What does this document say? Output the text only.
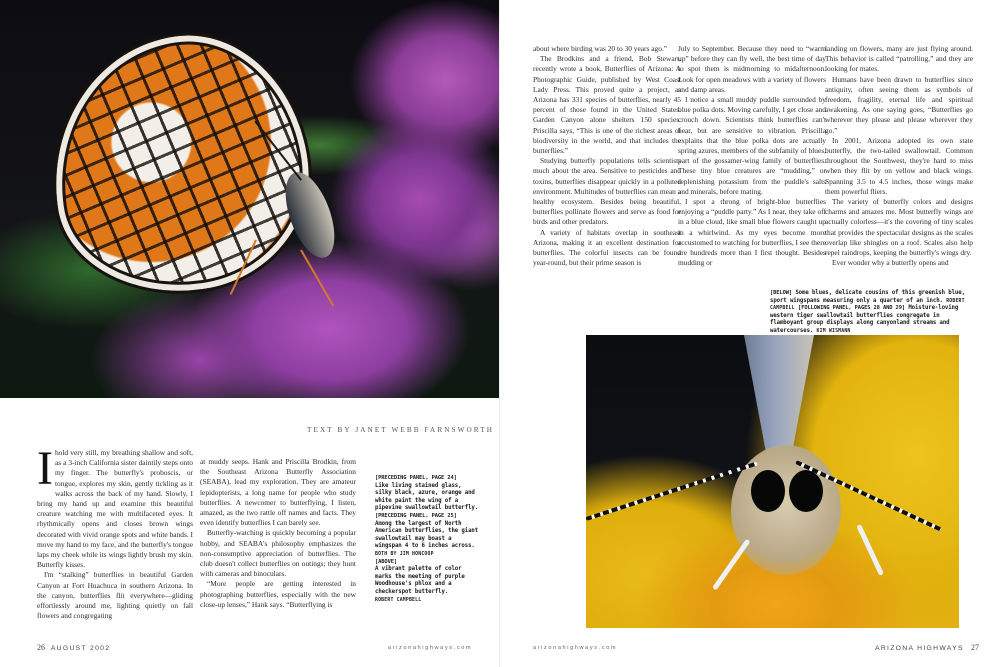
TEXT BY JANET WEBB FARNSWORTH

Ihold very still, my breathing shallow and soft, as a 3-inch California sister daintily steps onto my finger. The butterfly's proboscis, or tongue, explores my skin, gently tickling as it walks across the back of my hand. Slowly, I bring my hand up and examine this beautiful creature watching me with multifaceted eyes. It rhythmically opens and closes brown wings decorated with vivid orange spots and white bands. I move my hand to my face, and the butterfly's tongue laps my cheek while its wings lightly brush my skin. Butterfly kisses.

I'm “stalking” butterflies in beautiful Garden Canyon at Fort Huachuca in southern Arizona. In the canyon, butterflies flit everywhere—gliding effortlessly around me, lighting quietly on fall flowers and congregating

at muddy seeps. Hank and Priscilla Brodkin, from the Southeast Arizona Butterfly Association (SEABA), lead my exploration. They are amateur lepidopterists, a long name for people who study butterflies. A newcomer to butterflying, I listen, amazed, as the two rattle off names and facts. They even identify butterflies I can barely see.

Butterfly-watching is quickly becoming a popular hobby, and SEABA's philosophy emphasizes the non-consumptive appreciation of butterflies. The club doesn't collect butterflies on outings; they hunt with cameras and binoculars.

“More people are getting interested in photographing butterflies, especially with the new close-up lenses,” Hank says. “Butterflying is

[PRECEDING PANEL, PAGE 24]
Like living stained glass, silky black, azure, orange and white paint the wing of a pipevine swallowtail butterfly.
[PRECEDING PANEL, PAGE 25]
Among the largest of North American butterflies, the giant swallowtail may boast a wingspan 4 to 6 inches across.
BOTH BY JIM HONCOOP
[ABOVE]
A vibrant palette of color marks the meeting of purple Woodhouse's phlox and a checkerspot butterfly.
ROBERT CAMPBELL
26 AUGUST 2002	arizonahighways.com

about where birding was 20 to 30 years ago.”

The Brodkins and a friend, Bob Stewart, recently wrote a book, Butterflies of Arizona: A Photographic Guide, published by West Coast Lady Press. This proved quite a project, as Arizona has 331 species of butterflies, nearly 45 percent of those found in the United States. Garden Canyon alone shelters 150 species. Priscilla says, “This is one of the richest areas of biodiversity in the world, and that includes the butterflies.”

Studying butterfly populations tells scientists much about the area. Sensitive to pesticides and toxins, butterflies disappear quickly in a polluted environment. Multitudes of butterflies can mean a healthy ecosystem. Besides being beautiful, butterflies pollinate flowers and serve as food for birds and other predators.

A variety of habitats overlap in southeast Arizona, making it an excellent destination for butterflies. The colorful insects can be found year-round, but their prime season is

July to September. Because they need to “warm up” before they can fly well, the best time of day to spot them is midmorning to midafternoon. Look for open meadows with a variety of flowers and damp areas.

I notice a small muddy puddle surrounded by blue polka dots. Moving carefully, I get close and crouch down. Scientists think butterflies can't hear, but are sensitive to vibration. Priscilla explains that the blue polka dots are actually spring azures, members of the subfamily of blues, part of the gossamer-wing family of butterflies. These tiny blue creatures are “mudding,” or replenishing potassium from the puddle's salts and minerals, before mating.

I spot a throng of bright-blue butterflies enjoying a “puddle party.” As I near, they take off in a blue cloud, like small blue flowers caught up in a whirlwind. As my eyes become more accustomed to watching for butterflies, I see there are hundreds more than I first thought. Besides mudding or

landing on flowers, many are just flying around. This behavior is called “patrolling,” and they are looking for mates.

Humans have been drawn to butterflies since antiquity, often seeing them as symbols of freedom, fragility, eternal life and spiritual awakening. As one saying goes, “Butterflies go wherever they please and please wherever they go.”

In 2001, Arizona adopted its own state butterfly, the two-tailed swallowtail. Common throughout the Southwest, they're hard to miss when they flit by on yellow and black wings. Spanning 3.5 to 4.5 inches, those wings make them powerful fliers.

The variety of butterfly colors and designs charms and amazes me. Most butterfly wings are actually colorless—it's the covering of tiny scales that provides the spectacular designs as the scales overlap like shingles on a roof. Scales also help repel raindrops, keeping the butterfly's wings dry.

Ever wonder why a butterfly opens and

[BELOW] Some blues, delicate cousins of this greenish blue, sport wingspans measuring only a quarter of an inch. ROBERT CAMPBELL [FOLLOWING PANEL, PAGES 28 AND 29] Moisture-loving western tiger swallowtail butterflies congregate in flamboyant group displays along canyonland streams and watercourses. KIM WISMANN
arizonahighways.com	ARIZONA HIGHWAYS 27
